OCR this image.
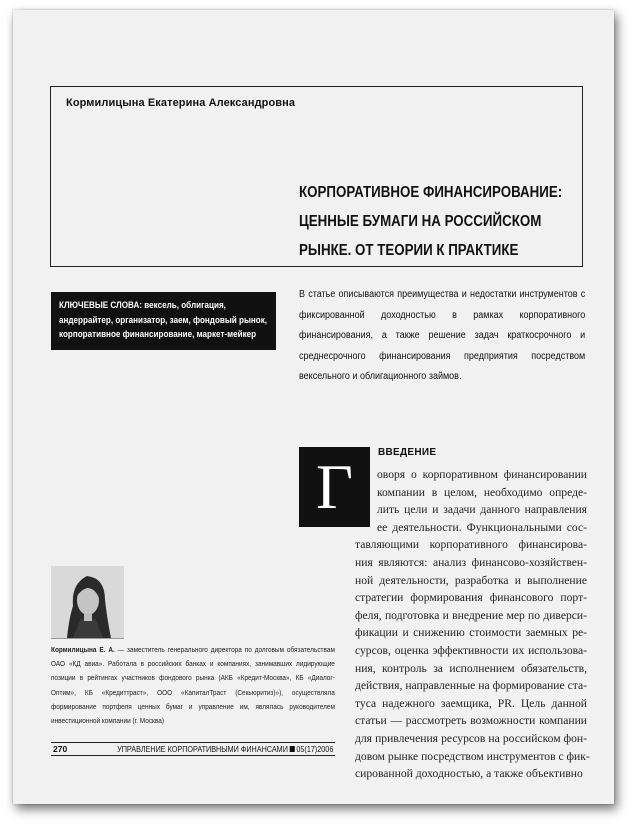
Кормилицына Екатерина Александровна
КОРПОРАТИВНОЕ ФИНАНСИРОВАНИЕ:
ЦЕННЫЕ БУМАГИ НА РОССИЙСКОМ
РЫНКЕ. ОТ ТЕОРИИ К ПРАКТИКЕ
КЛЮЧЕВЫЕ СЛОВА: вексель, облигация, андеррайтер, организатор, заем, фондовый рынок, корпоративное финансирование, маркет-мейкер
В статье описываются преимущества и недостатки инструментов с фиксированной доходностью в рамках корпоративного финансирования, а также решение задач краткосрочного и среднесрочного финансирования предприятия посредством вексельного и облигационного займов.
Г	ВВЕДЕНИЕ
оворя о корпоративном финансировании
компании в целом, необходимо опреде-
лить цели и задачи данного направления
ее деятельности. Функциональными сос-
тавляющими корпоративного финансирова-
ния являются: анализ финансово-хозяйствен-
ной деятельности, разработка и выполнение
стратегии формирования финансового порт-
феля, подготовка и внедрение мер по диверси-
фикации и снижению стоимости заемных ре-
сурсов, оценка эффективности их использова-
ния, контроль за исполнением обязательств,
действия, направленные на формирование ста-
туса надежного заемщика, PR. Цель данной
статьи — рассмотреть возможности компании
для привлечения ресурсов на российском фон-
довом рынке посредством инструментов с фик-
сированной доходностью, а также объективно
Кормилицына Е. А. — заместитель генерального директора по долговым обязательствам ОАО «КД авиа». Работала в российских банках и компаниях, занимавших лидирующие позиции в рейтингах участников фондового рынка (АКБ «Кредит-Москва», КБ «Диалог-Оптим», КБ «Кредиттраст», ООО «КапиталТраст (Секьюритиз)»), осуществляла формирование портфеля ценных бумаг и управление им, являлась руководителем инвестиционной компании (г. Москва)
270	УПРАВЛЕНИЕ КОРПОРАТИВНЫМИ ФИНАНСАМИ 05(17)2006
